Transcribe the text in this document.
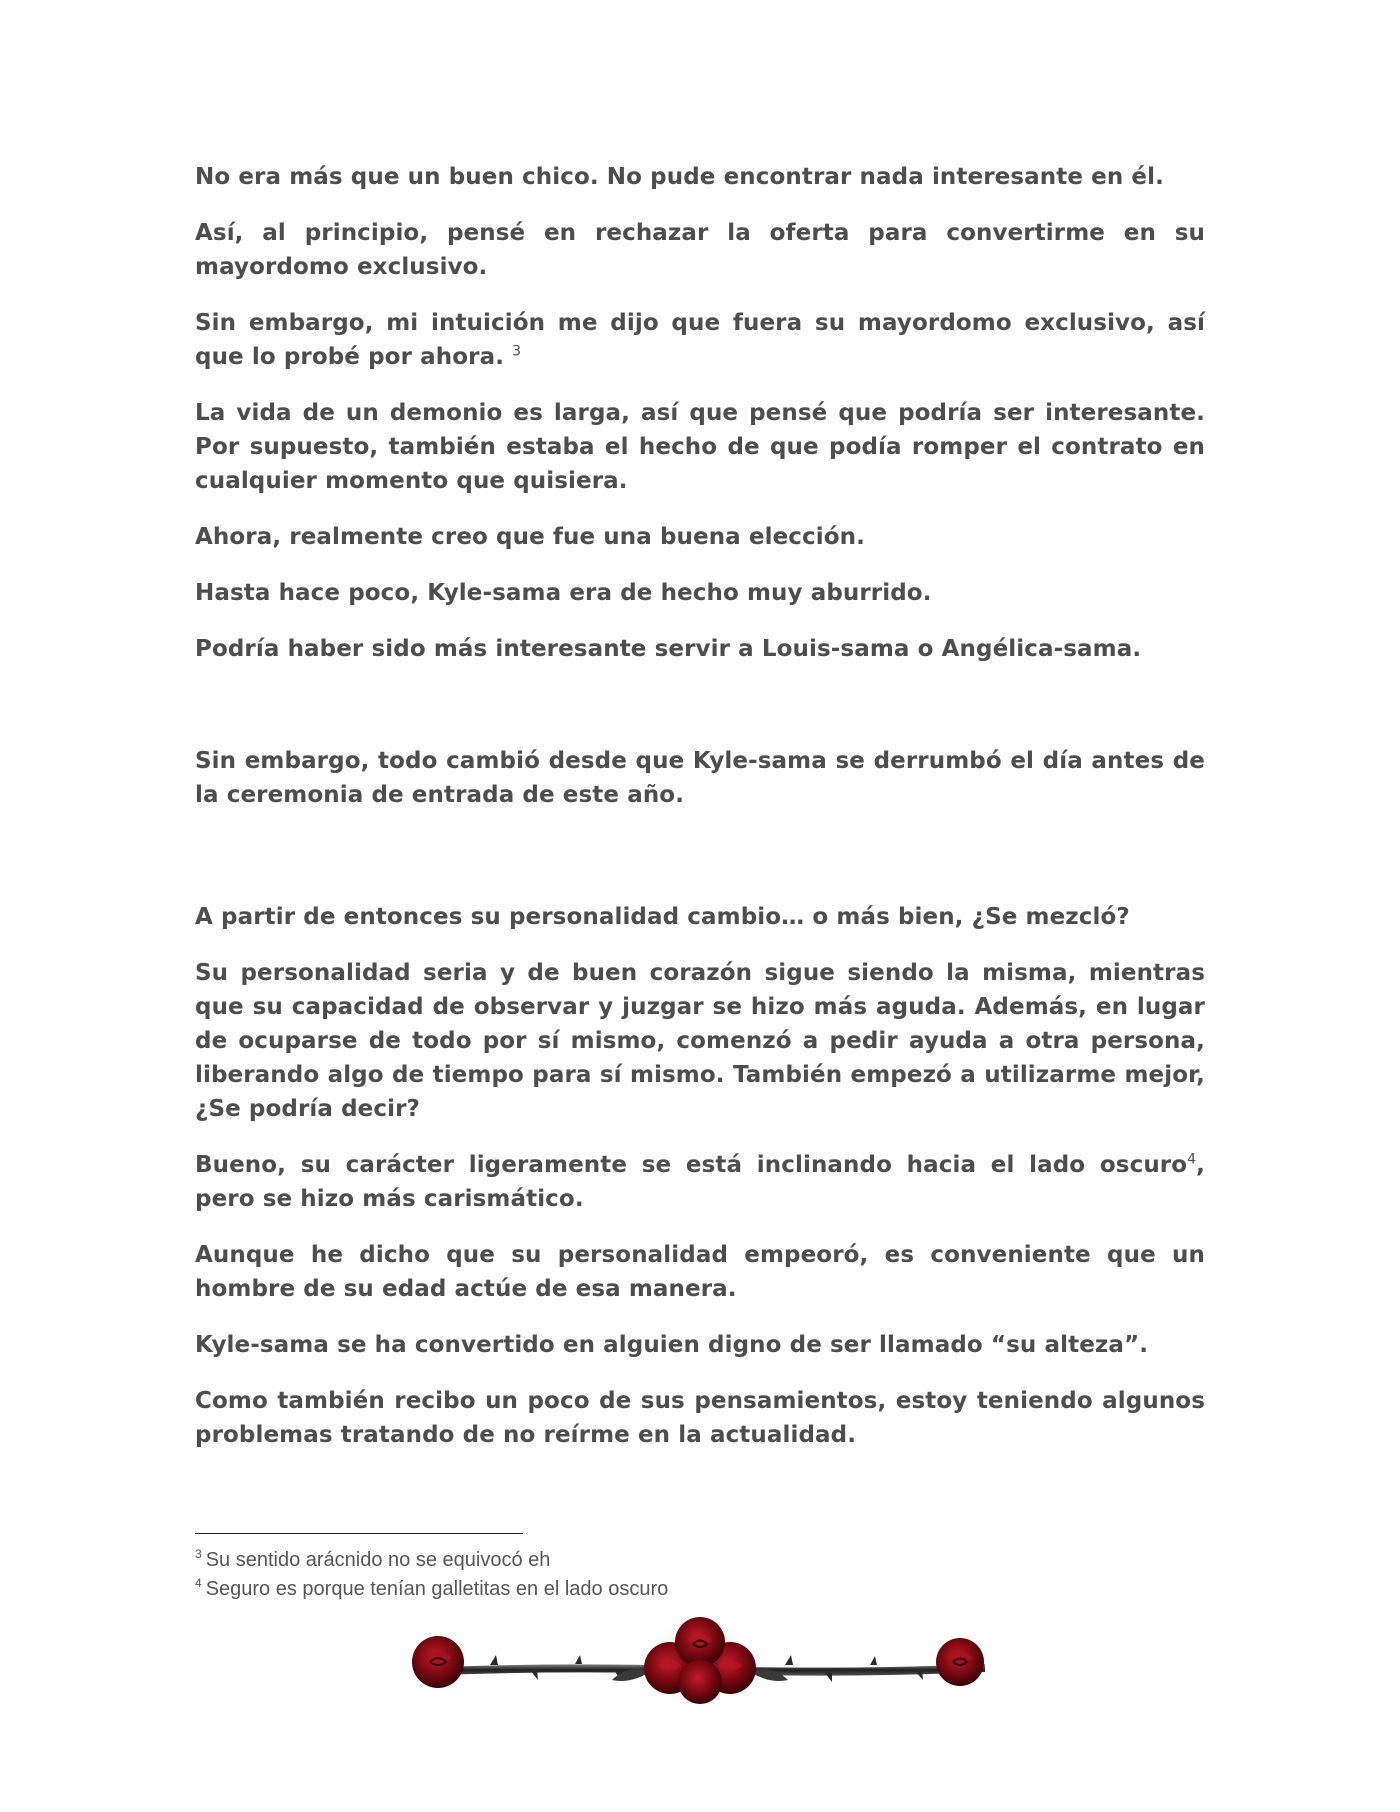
No era más que un buen chico. No pude encontrar nada interesante en él.

Así, al principio, pensé en rechazar la oferta para convertirme en su mayordomo exclusivo.

Sin embargo, mi intuición me dijo que fuera su mayordomo exclusivo, así que lo probé por ahora. $^3$

La vida de un demonio es larga, así que pensé que podría ser interesante. Por supuesto, también estaba el hecho de que podía romper el contrato en cualquier momento que quisiera.

Ahora, realmente creo que fue una buena elección.

Hasta hace poco, Kyle-sama era de hecho muy aburrido.

Podría haber sido más interesante servir a Louis-sama o Angélica-sama.

Sin embargo, todo cambió desde que Kyle-sama se derrumbó el día antes de la ceremonia de entrada de este año.

A partir de entonces su personalidad cambio… o más bien, ¿Se mezcló?

Su personalidad seria y de buen corazón sigue siendo la misma, mientras que su capacidad de observar y juzgar se hizo más aguda. Además, en lugar de ocuparse de todo por sí mismo, comenzó a pedir ayuda a otra persona, liberando algo de tiempo para sí mismo. También empezó a utilizarme mejor, ¿Se podría decir?

Bueno, su carácter ligeramente se está inclinando hacia el lado oscuro$^4$, pero se hizo más carismático.

Aunque he dicho que su personalidad empeoró, es conveniente que un hombre de su edad actúe de esa manera.

Kyle-sama se ha convertido en alguien digno de ser llamado “su alteza”.

Como también recibo un poco de sus pensamientos, estoy teniendo algunos problemas tratando de no reírme en la actualidad.

$^3$ Su sentido arácnido no se equivocó eh

$^4$ Seguro es porque tenían galletitas en el lado oscuro
